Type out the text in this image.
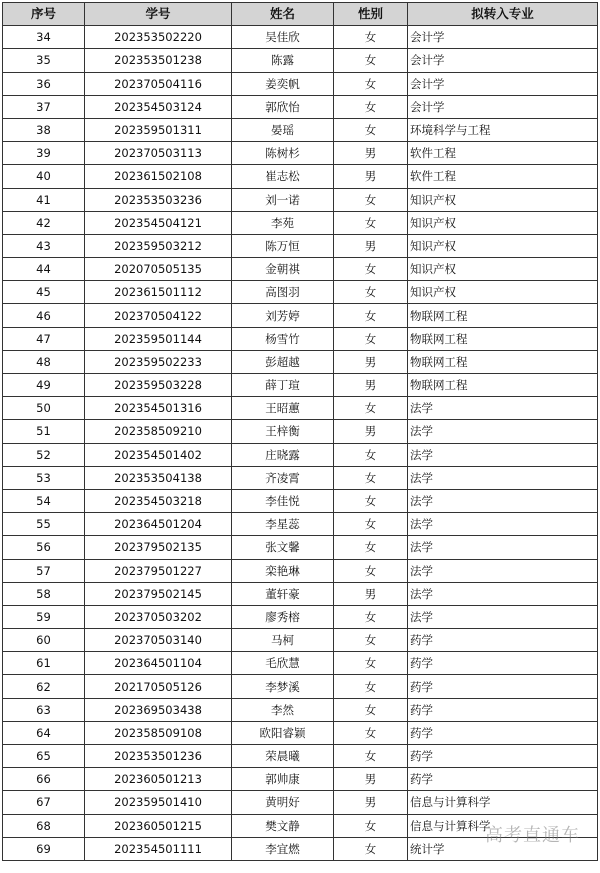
序号	学号	姓名	性别	拟转入专业
34	202353502220	吴佳欣	女	会计学
35	202353501238	陈露	女	会计学
36	202370504116	姜奕帆	女	会计学
37	202354503124	郭欣怡	女	会计学
38	202359501311	晏瑶	女	环境科学与工程
39	202370503113	陈树杉	男	软件工程
40	202361502108	崔志松	男	软件工程
41	202353503236	刘一诺	女	知识产权
42	202354504121	李苑	女	知识产权
43	202359503212	陈万恒	男	知识产权
44	202070505135	金朝祺	女	知识产权
45	202361501112	高图羽	女	知识产权
46	202370504122	刘芳婷	女	物联网工程
47	202359501144	杨雪竹	女	物联网工程
48	202359502233	彭超越	男	物联网工程
49	202359503228	薛丁瑄	男	物联网工程
50	202354501316	王昭蕙	女	法学
51	202358509210	王梓衡	男	法学
52	202354501402	庄晓露	女	法学
53	202353504138	齐凌霄	女	法学
54	202354503218	李佳悦	女	法学
55	202364501204	李星蕊	女	法学
56	202379502135	张文馨	女	法学
57	202379501227	栾艳琳	女	法学
58	202379502145	董轩豪	男	法学
59	202370503202	廖秀榕	女	法学
60	202370503140	马柯	女	药学
61	202364501104	毛欣慧	女	药学
62	202170505126	李梦溪	女	药学
63	202369503438	李然	女	药学
64	202358509108	欧阳睿颖	女	药学
65	202353501236	荣晨曦	女	药学
66	202360501213	郭帅康	男	药学
67	202359501410	黄明好	男	信息与计算科学
68	202360501215	樊文静	女	信息与计算科学
69	202354501111	李宜燃	女	统计学
高考直通车
